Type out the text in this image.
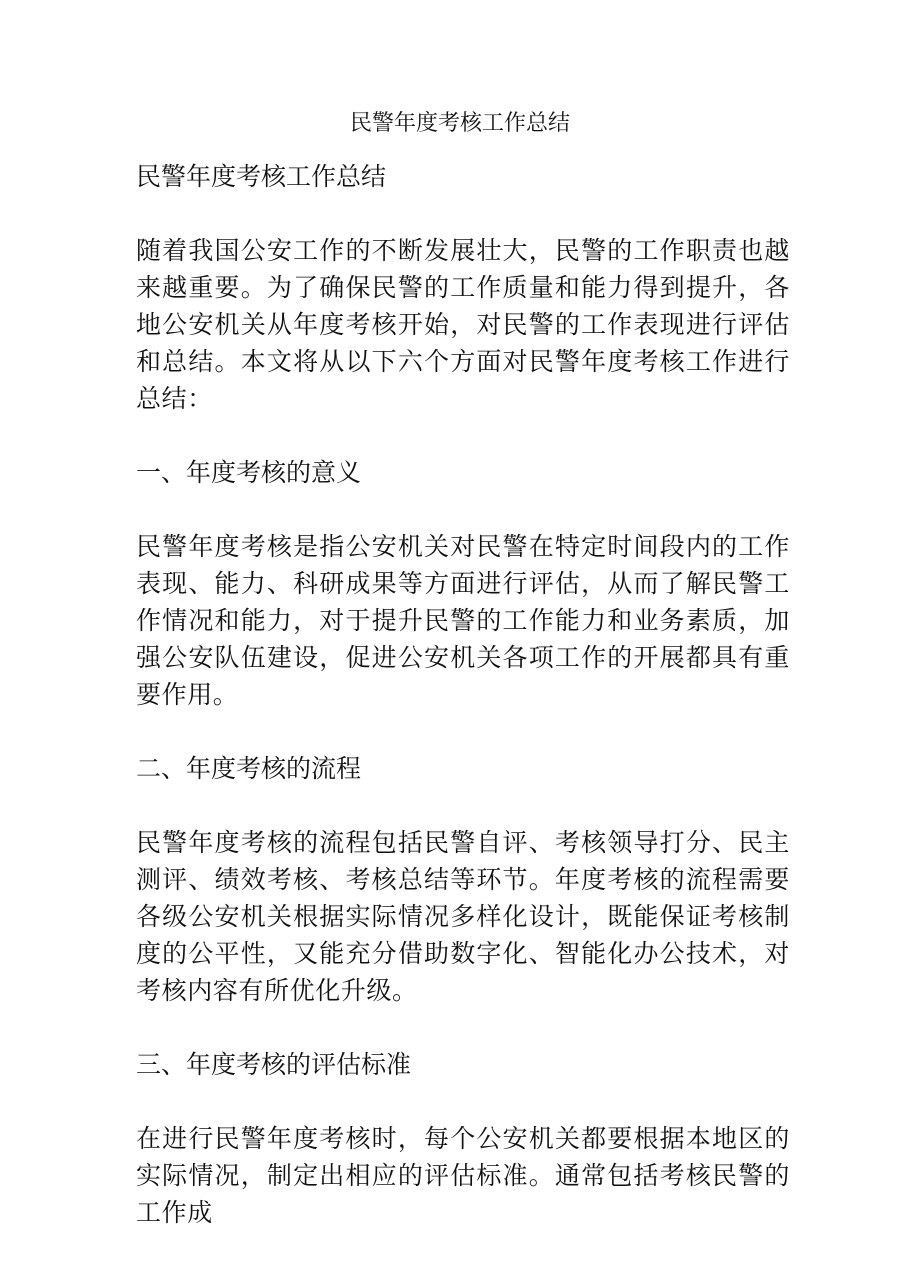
民警年度考核工作总结

民警年度考核工作总结

随着我国公安工作的不断发展壮大，民警的工作职责也越来越重要。为了确保民警的工作质量和能力得到提升，各地公安机关从年度考核开始，对民警的工作表现进行评估和总结。本文将从以下六个方面对民警年度考核工作进行总结：

一、年度考核的意义

民警年度考核是指公安机关对民警在特定时间段内的工作表现、能力、科研成果等方面进行评估，从而了解民警工作情况和能力，对于提升民警的工作能力和业务素质，加强公安队伍建设，促进公安机关各项工作的开展都具有重要作用。

二、年度考核的流程

民警年度考核的流程包括民警自评、考核领导打分、民主测评、绩效考核、考核总结等环节。年度考核的流程需要各级公安机关根据实际情况多样化设计，既能保证考核制度的公平性，又能充分借助数字化、智能化办公技术，对考核内容有所优化升级。

三、年度考核的评估标准

在进行民警年度考核时，每个公安机关都要根据本地区的实际情况，制定出相应的评估标准。通常包括考核民警的工作成
